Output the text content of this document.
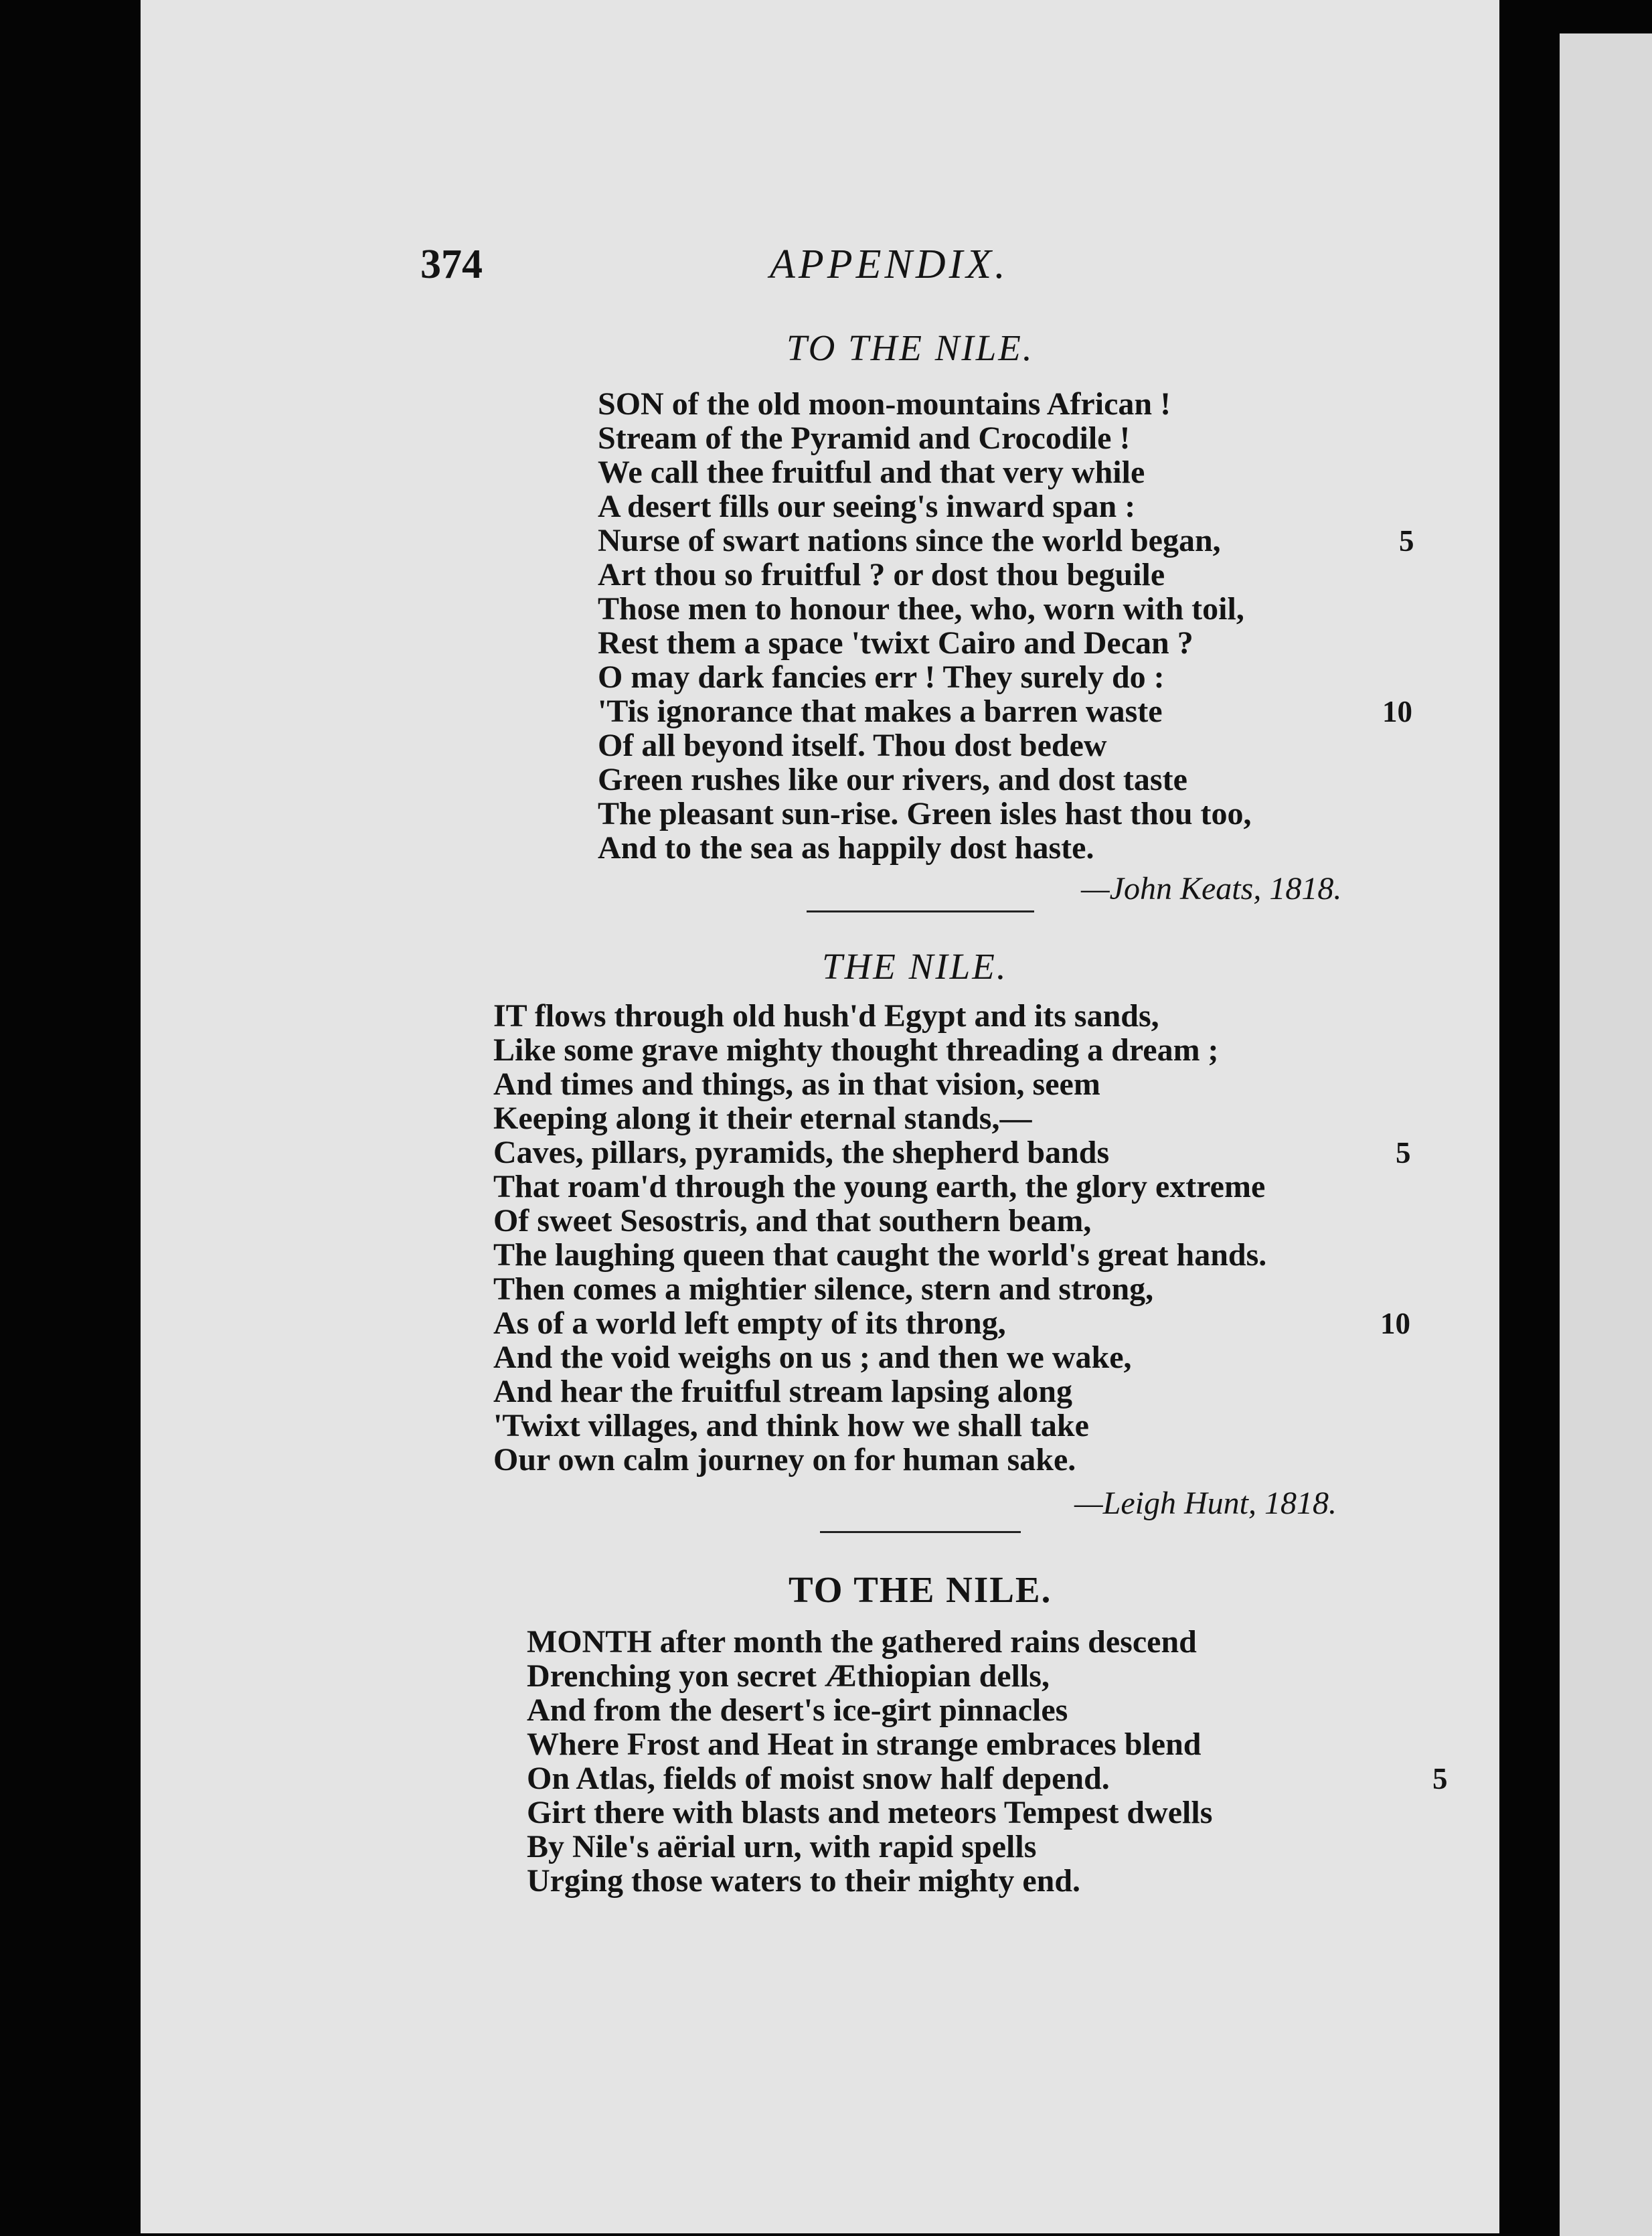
374	APPENDIX.
TO THE NILE.
SON of the old moon-mountains African !
Stream of the Pyramid and Crocodile !
We call thee fruitful and that very while
A desert fills our seeing's inward span :
Nurse of swart nations since the world began,
Art thou so fruitful ? or dost thou beguile
Those men to honour thee, who, worn with toil,
Rest them a space 'twixt Cairo and Decan ?
O may dark fancies err ! They surely do :
'Tis ignorance that makes a barren waste
Of all beyond itself. Thou dost bedew
Green rushes like our rivers, and dost taste
The pleasant sun-rise. Green isles hast thou too,
And to the sea as happily dost haste.
5
10
—John Keats, 1818.
THE NILE.
IT flows through old hush'd Egypt and its sands,
Like some grave mighty thought threading a dream ;
And times and things, as in that vision, seem
Keeping along it their eternal stands,—
Caves, pillars, pyramids, the shepherd bands
That roam'd through the young earth, the glory extreme
Of sweet Sesostris, and that southern beam,
The laughing queen that caught the world's great hands.
Then comes a mightier silence, stern and strong,
As of a world left empty of its throng,
And the void weighs on us ; and then we wake,
And hear the fruitful stream lapsing along
'Twixt villages, and think how we shall take
Our own calm journey on for human sake.
5
10
—Leigh Hunt, 1818.
TO THE NILE.
MONTH after month the gathered rains descend
Drenching yon secret Æthiopian dells,
And from the desert's ice-girt pinnacles
Where Frost and Heat in strange embraces blend
On Atlas, fields of moist snow half depend.
Girt there with blasts and meteors Tempest dwells
By Nile's aërial urn, with rapid spells
Urging those waters to their mighty end.
5
